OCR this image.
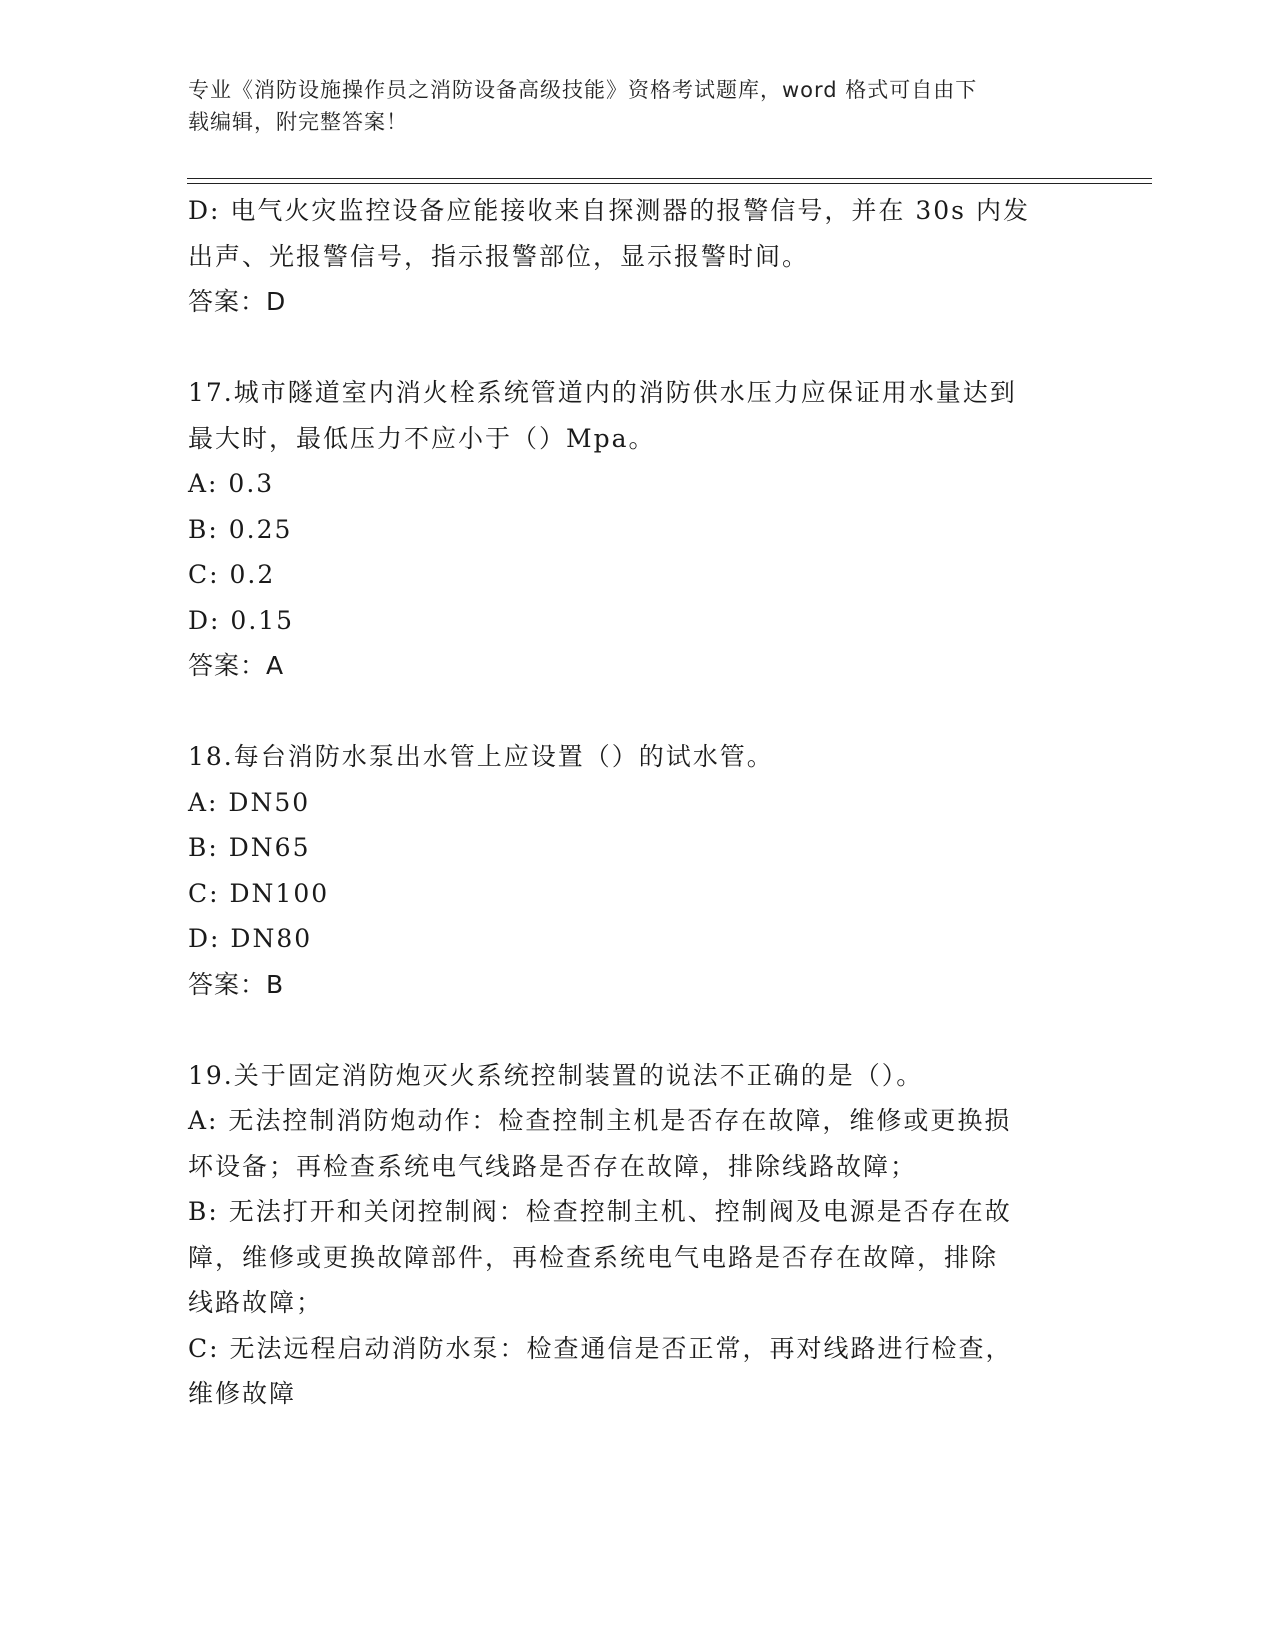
专业《消防设施操作员之消防设备高级技能》资格考试题库，word 格式可自由下
载编辑，附完整答案！
D: 电气火灾监控设备应能接收来自探测器的报警信号，并在 30s 内发
出声、光报警信号，指示报警部位，显示报警时间。
答案：D
17.城市隧道室内消火栓系统管道内的消防供水压力应保证用水量达到
最大时，最低压力不应小于（）Mpa。
A: 0.3
B: 0.25
C: 0.2
D: 0.15
答案：A
18.每台消防水泵出水管上应设置（）的试水管。
A: DN50
B: DN65
C: DN100
D: DN80
答案：B
19.关于固定消防炮灭火系统控制装置的说法不正确的是（）。
A: 无法控制消防炮动作：检查控制主机是否存在故障，维修或更换损
坏设备；再检查系统电气线路是否存在故障，排除线路故障；
B: 无法打开和关闭控制阀：检查控制主机、控制阀及电源是否存在故
障，维修或更换故障部件，再检查系统电气电路是否存在故障，排除
线路故障；
C: 无法远程启动消防水泵：检查通信是否正常，再对线路进行检查，
维修故障
